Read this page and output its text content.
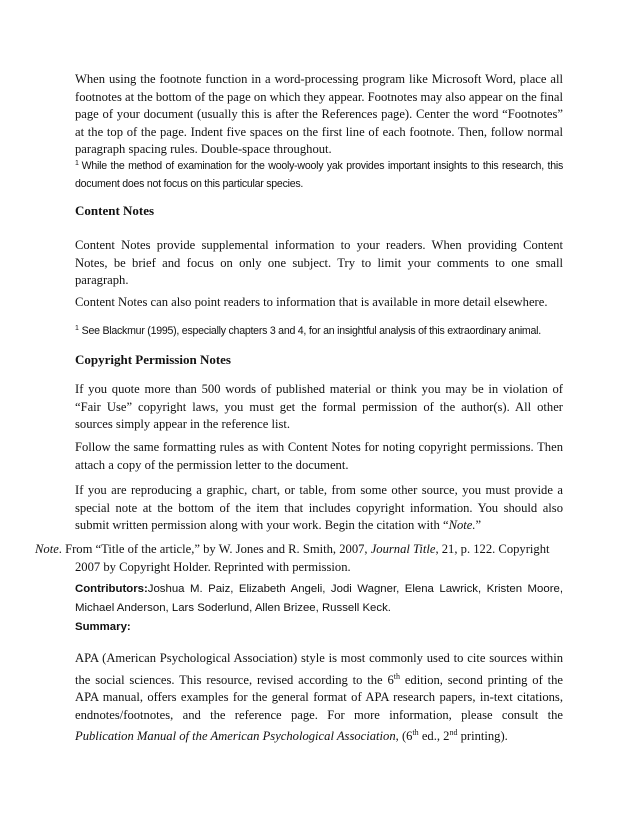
When using the footnote function in a word-processing program like Microsoft Word, place all footnotes at the bottom of the page on which they appear. Footnotes may also appear on the final page of your document (usually this is after the References page). Center the word “Footnotes” at the top of the page. Indent five spaces on the first line of each footnote. Then, follow normal paragraph spacing rules. Double-space throughout.

$^1$ While the method of examination for the wooly-wooly yak provides important insights to this research, this document does not focus on this particular species.

Content Notes

Content Notes provide supplemental information to your readers. When providing Content Notes, be brief and focus on only one subject. Try to limit your comments to one small paragraph.

Content Notes can also point readers to information that is available in more detail elsewhere.

$^1$ See Blackmur (1995), especially chapters 3 and 4, for an insightful analysis of this extraordinary animal.

Copyright Permission Notes

If you quote more than 500 words of published material or think you may be in violation of “Fair Use” copyright laws, you must get the formal permission of the author(s). All other sources simply appear in the reference list.

Follow the same formatting rules as with Content Notes for noting copyright permissions. Then attach a copy of the permission letter to the document.

If you are reproducing a graphic, chart, or table, from some other source, you must provide a special note at the bottom of the item that includes copyright information. You should also submit written permission along with your work. Begin the citation with “Note.”

Note. From “Title of the article,” by W. Jones and R. Smith, 2007, Journal Title, 21, p. 122. Copyright
2007 by Copyright Holder. Reprinted with permission.

Contributors:Joshua M. Paiz, Elizabeth Angeli, Jodi Wagner, Elena Lawrick, Kristen Moore, Michael Anderson, Lars Soderlund, Allen Brizee, Russell Keck.

Summary:

APA (American Psychological Association) style is most commonly used to cite sources within the social sciences. This resource, revised according to the 6th edition, second printing of the APA manual, offers examples for the general format of APA research papers, in-text citations, endnotes/footnotes, and the reference page. For more information, please consult the Publication Manual of the American Psychological Association, (6th ed., 2nd printing).
